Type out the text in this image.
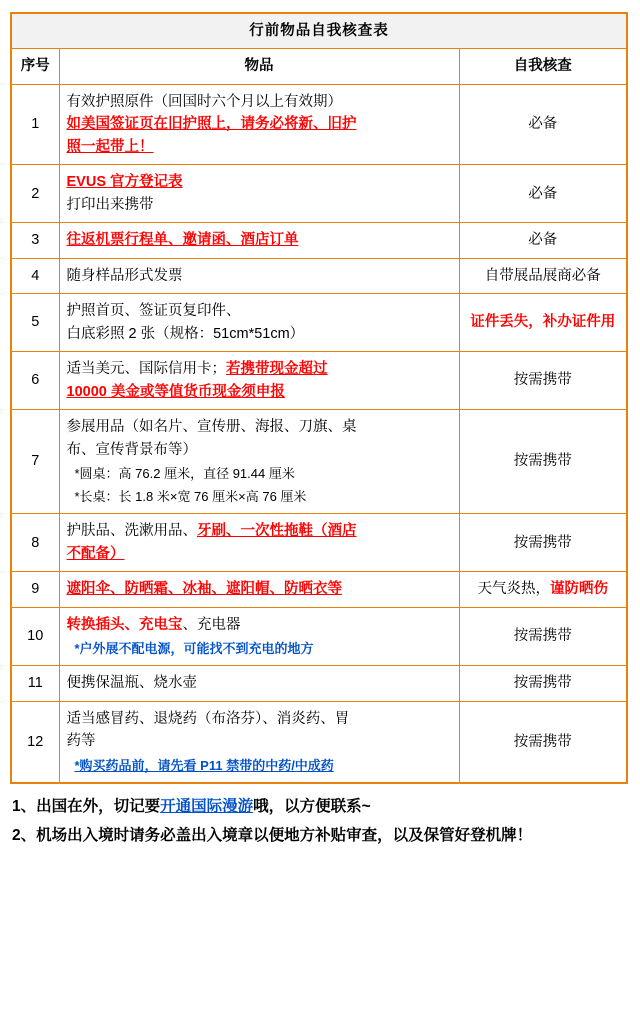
行前物品自我核查表		
序号	物品	自我核查
1	有效护照原件（回国时六个月以上有效期）
如美国签证页在旧护照上，请务必将新、旧护
照一起带上！	必备
2	EVUS 官方登记表
打印出来携带	必备
3	往返机票行程单、邀请函、酒店订单	必备
4	随身样品形式发票	自带展品展商必备
5	护照首页、签证页复印件、
白底彩照 2 张（规格：51cm*51cm）	证件丢失，补办证件用
6	适当美元、国际信用卡；若携带现金超过
10000 美金或等值货币现金须申报	按需携带
7	参展用品（如名片、宣传册、海报、刀旗、桌
布、宣传背景布等）
*圆桌：高 76.2 厘米，直径 91.44 厘米
*长桌：长 1.8 米×宽 76 厘米×高 76 厘米	按需携带
8	护肤品、洗漱用品、牙刷、一次性拖鞋（酒店
不配备）	按需携带
9	遮阳伞、防晒霜、冰袖、遮阳帽、防晒衣等	天气炎热，谨防晒伤
10	转换插头、充电宝、充电器
*户外展不配电源，可能找不到充电的地方	按需携带
11	便携保温瓶、烧水壶	按需携带
12	适当感冒药、退烧药（布洛芬）、消炎药、胃
药等
*购买药品前，请先看 P11 禁带的中药/中成药	按需携带
1、出国在外，切记要开通国际漫游哦，以方便联系~
2、机场出入境时请务必盖出入境章以便地方补贴审查，以及保管好登机牌！
